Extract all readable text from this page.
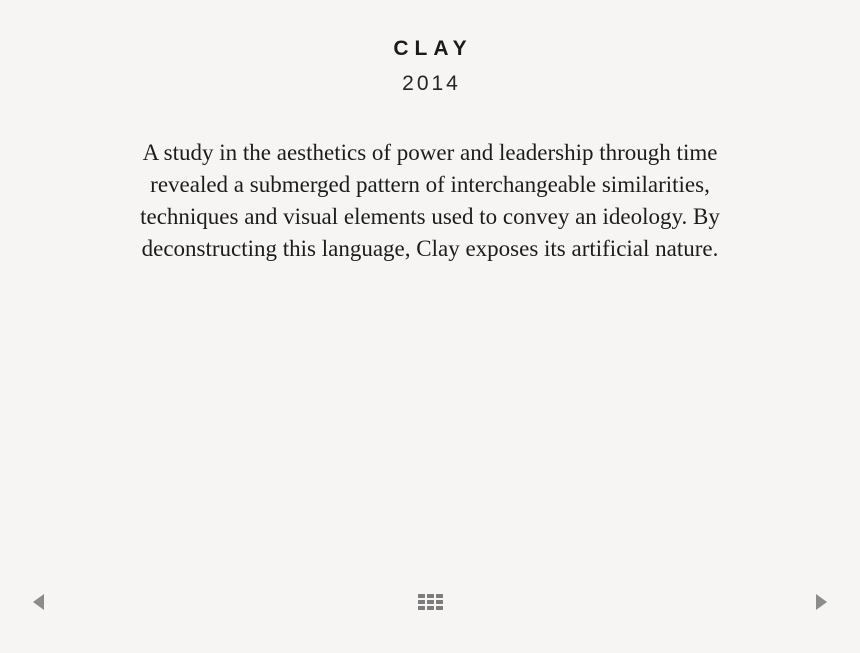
CLAY
2014
A study in the aesthetics of power and leadership through time
revealed a submerged pattern of interchangeable similarities,
techniques and visual elements used to convey an ideology. By
deconstructing this language, Clay exposes its artificial nature.
